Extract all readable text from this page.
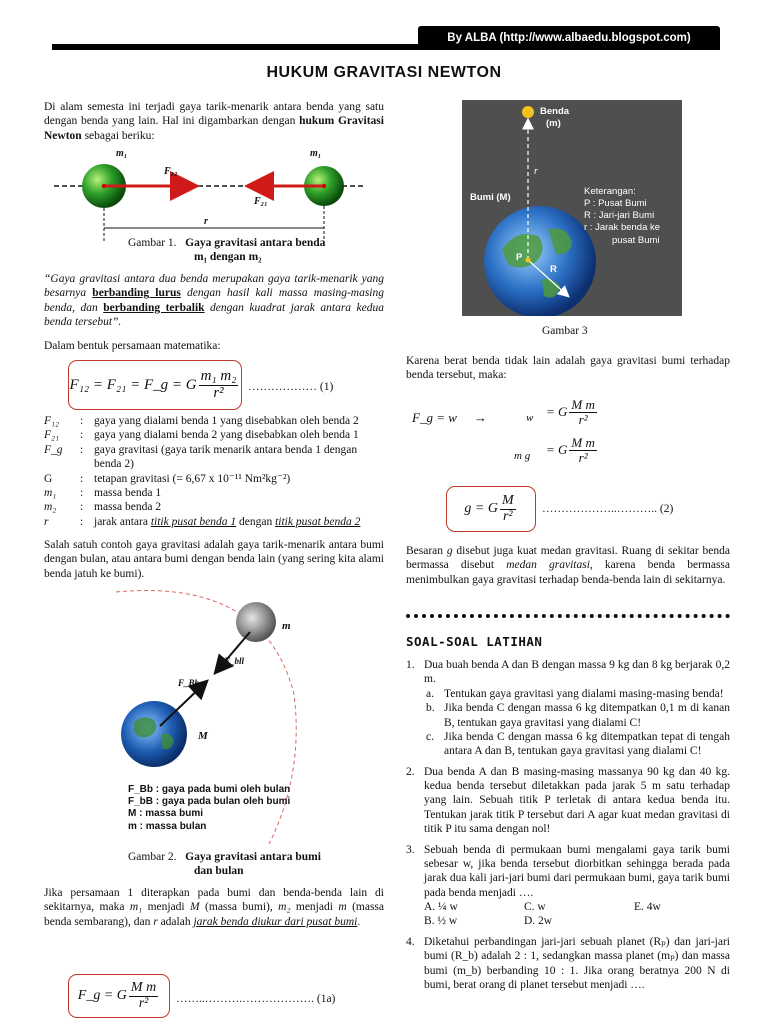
By ALBA (http://www.albaedu.blogspot.com)
HUKUM GRAVITASI NEWTON
Di alam semesta ini terjadi gaya tarik-menarik antara benda yang satu dengan benda yang lain. Hal ini digambarkan dengan hukum Gravitasi Newton sebagai beriku:
m₁	m₁
F₁₂
F₂₁
r
Gambar 1. Gaya gravitasi antara benda
m₁ dengan m₂
“Gaya gravitasi antara dua benda merupakan gaya tarik-menarik yang besarnya berbanding lurus dengan hasil kali massa masing-masing benda, dan berbanding terbalik dengan kuadrat jarak antara kedua benda tersebut”.
Dalam bentuk persamaan matematika:
F₁₂ = F₂₁ = F_g = G $\frac{\text{m₁ m₂}}{\text{r²}}$ ……………… (1)
F₁₂	: gaya yang dialami benda 1 yang disebabkan oleh benda 2
F₂₁	: gaya yang dialami benda 2 yang disebabkan oleh benda 1
F_g	: gaya gravitasi (gaya tarik menarik antara benda 1 dengan benda 2)
G	: tetapan gravitasi (= 6,67 x 10⁻¹¹ Nm²kg⁻²)
m₁	: massa benda 1
m₂	: massa benda 2
r	: jarak antara titik pusat benda 1 dengan titik pusat benda 2
Salah satuh contoh gaya gravitasi adalah gaya tarik-menarik antara bumi dengan bulan, atau antara bumi dengan benda lain (yang sering kita alami benda jatuh ke bumi).
m
M
F_bll
F_Bb
F_Bb : gaya pada bumi oleh bulan
F_bB : gaya pada bulan oleh bumi
M : massa bumi
m : massa bulan
Gambar 2. Gaya gravitasi antara bumi
dan bulan
Jika persamaan 1 diterapkan pada bumi dan benda-benda lain di sekitarnya, maka m₁ menjadi M (massa bumi), m₂ menjadi m (massa benda sembarang), dan r adalah jarak benda diukur dari pusat bumi.
F_g = G $\frac{\text{M m}}{\text{r²}}$ ……..……….………………. (1a)
Benda
(m)
r
Bumi (M)
Keterangan:
P : Pusat Bumi
R : Jari-jari Bumi
r : Jarak benda ke
pusat Bumi
P
R
Gambar 3
Karena berat benda tidak lain adalah gaya gravitasi bumi terhadap benda tersebut, maka:
F_g = w →	w = G $\frac{\text{M m}}{\text{r²}}$
m g = G $\frac{\text{M m}}{\text{r²}}$
g = G $\frac{M}{\text{r²}}$ ………………..……….. (2)
Besaran g disebut juga kuat medan gravitasi. Ruang di sekitar benda bermassa disebut medan gravitasi, karena benda bermassa menimbulkan gaya gravitasi terhadap benda-benda lain di sekitarnya.
SOAL-SOAL LATIHAN
1. Dua buah benda A dan B dengan massa 9 kg dan 8 kg berjarak 0,2 m.
a. Tentukan gaya gravitasi yang dialami masing-masing benda!
b. Jika benda C dengan massa 6 kg ditempatkan 0,1 m di kanan B, tentukan gaya gravitasi yang dialami C!
c. Jika benda C dengan massa 6 kg ditempatkan tepat di tengah antara A dan B, tentukan gaya gravitasi yang dialami C!
2. Dua benda A dan B masing-masing massanya 90 kg dan 40 kg. kedua benda tersebut diletakkan pada jarak 5 m satu terhadap yang lain. Sebuah titik P terletak di antara kedua benda itu. Tentukan jarak titik P tersebut dari A agar kuat medan gravitasi di titik P itu sama dengan nol!
3. Sebuah benda di permukaan bumi mengalami gaya tarik bumi sebesar w, jika benda tersebut diorbitkan sehingga berada pada jarak dua kali jari-jari bumi dari permukaan bumi, gaya tarik bumi pada benda menjadi ….
A. ¼ w	C. w	E. 4w
B. ½ w	D. 2w
4. Diketahui perbandingan jari-jari sebuah planet (Rₚ) dan jari-jari bumi (R_b) adalah 2 : 1, sedangkan massa planet (mₚ) dan massa bumi (m_b) berbanding 10 : 1. Jika orang beratnya 200 N di bumi, berat orang di planet tersebut menjadi ….
